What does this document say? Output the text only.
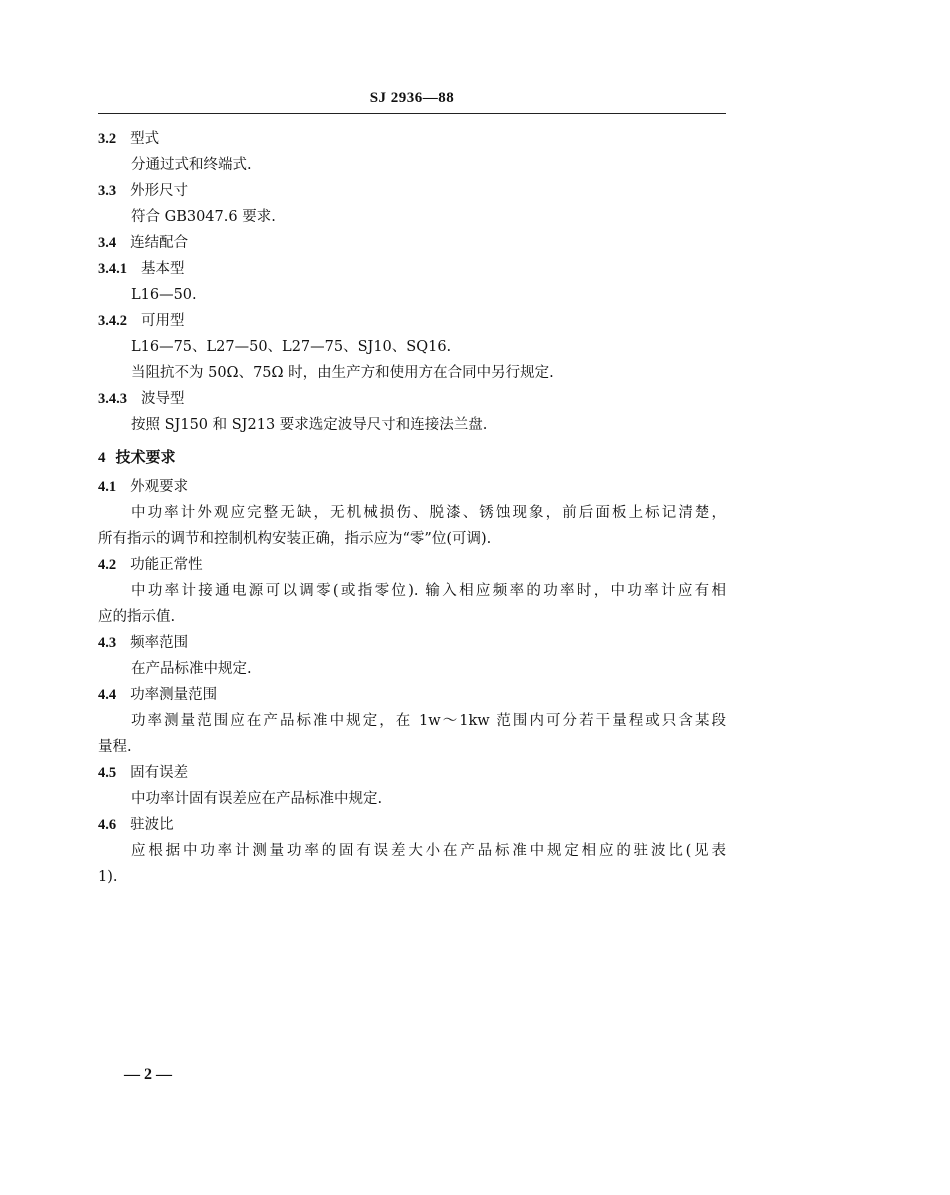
SJ 2936—88
3.2 型式
分通过式和终端式.
3.3 外形尺寸
符合 GB3047.6 要求.
3.4 连结配合
3.4.1 基本型
L16—50.
3.4.2 可用型
L16—75、L27—50、L27—75、SJ10、SQ16.
当阻抗不为 50Ω、75Ω 时，由生产方和使用方在合同中另行规定.
3.4.3 波导型
按照 SJ150 和 SJ213 要求选定波导尺寸和连接法兰盘.
4 技术要求
4.1 外观要求
中功率计外观应完整无缺，无机械损伤、脱漆、锈蚀现象，前后面板上标记清楚，
所有指示的调节和控制机构安装正确，指示应为“零”位(可调).
4.2 功能正常性
中功率计接通电源可以调零(或指零位). 输入相应频率的功率时，中功率计应有相
应的指示值.
4.3 频率范围
在产品标准中规定.
4.4 功率测量范围
功率测量范围应在产品标准中规定，在 1w～1kw 范围内可分若干量程或只含某段
量程.
4.5 固有误差
中功率计固有误差应在产品标准中规定.
4.6 驻波比
应根据中功率计测量功率的固有误差大小在产品标准中规定相应的驻波比(见表
1).
— 2 —
